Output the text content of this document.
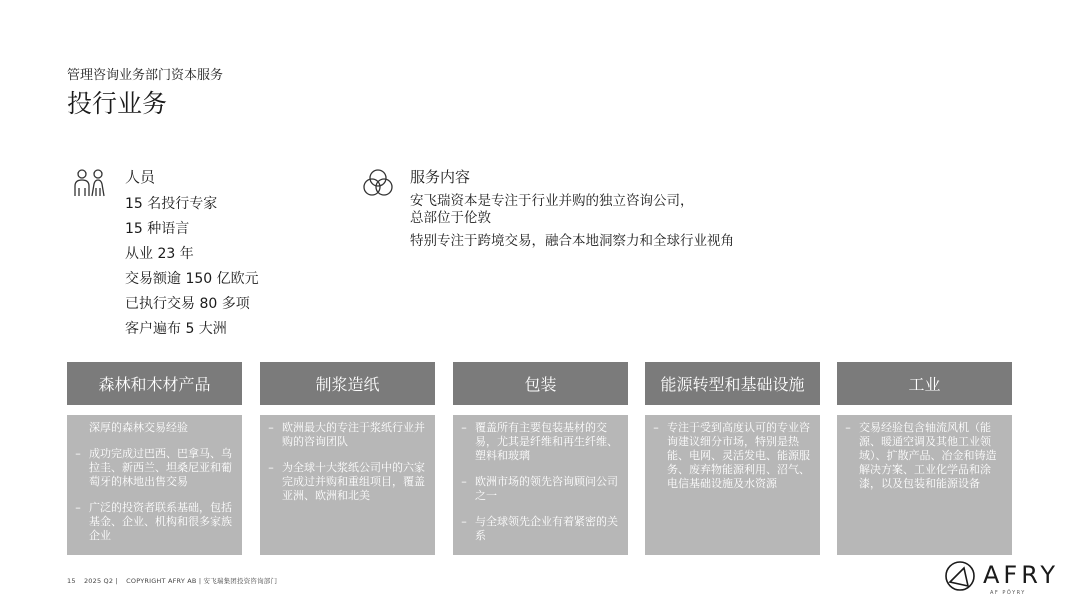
管理咨询业务部门资本服务
投行业务
人员
15 名投行专家
15 种语言
从业 23 年
交易额逾 150 亿欧元
已执行交易 80 多项
客户遍布 5 大洲
服务内容
安飞瑞资本是专注于行业并购的独立咨询公司，
总部位于伦敦
特别专注于跨境交易，融合本地洞察力和全球行业视角
森林和木材产品
深厚的森林交易经验
– 成功完成过巴西、巴拿马、乌拉圭、新西兰、坦桑尼亚和葡萄牙的林地出售交易
– 广泛的投资者联系基础，包括基金、企业、机构和很多家族企业
制浆造纸
– 欧洲最大的专注于浆纸行业并购的咨询团队
– 为全球十大浆纸公司中的六家完成过并购和重组项目，覆盖亚洲、欧洲和北美
包装
– 覆盖所有主要包装基材的交易，尤其是纤维和再生纤维、塑料和玻璃
– 欧洲市场的领先咨询顾问公司之一
– 与全球领先企业有着紧密的关系
能源转型和基础设施
– 专注于受到高度认可的专业咨询建议细分市场，特别是热能、电网、灵活发电、能源服务、废弃物能源利用、沼气、电信基础设施及水资源
工业
– 交易经验包含轴流风机（能源、暖通空调及其他工业领域）、扩散产品、冶金和铸造解决方案、工业化学品和涂漆，以及包装和能源设备
15 2025 Q2 | COPYRIGHT AFRY AB | 安飞瑞集团投资咨询部门	AFRY
AF PÖYRY
